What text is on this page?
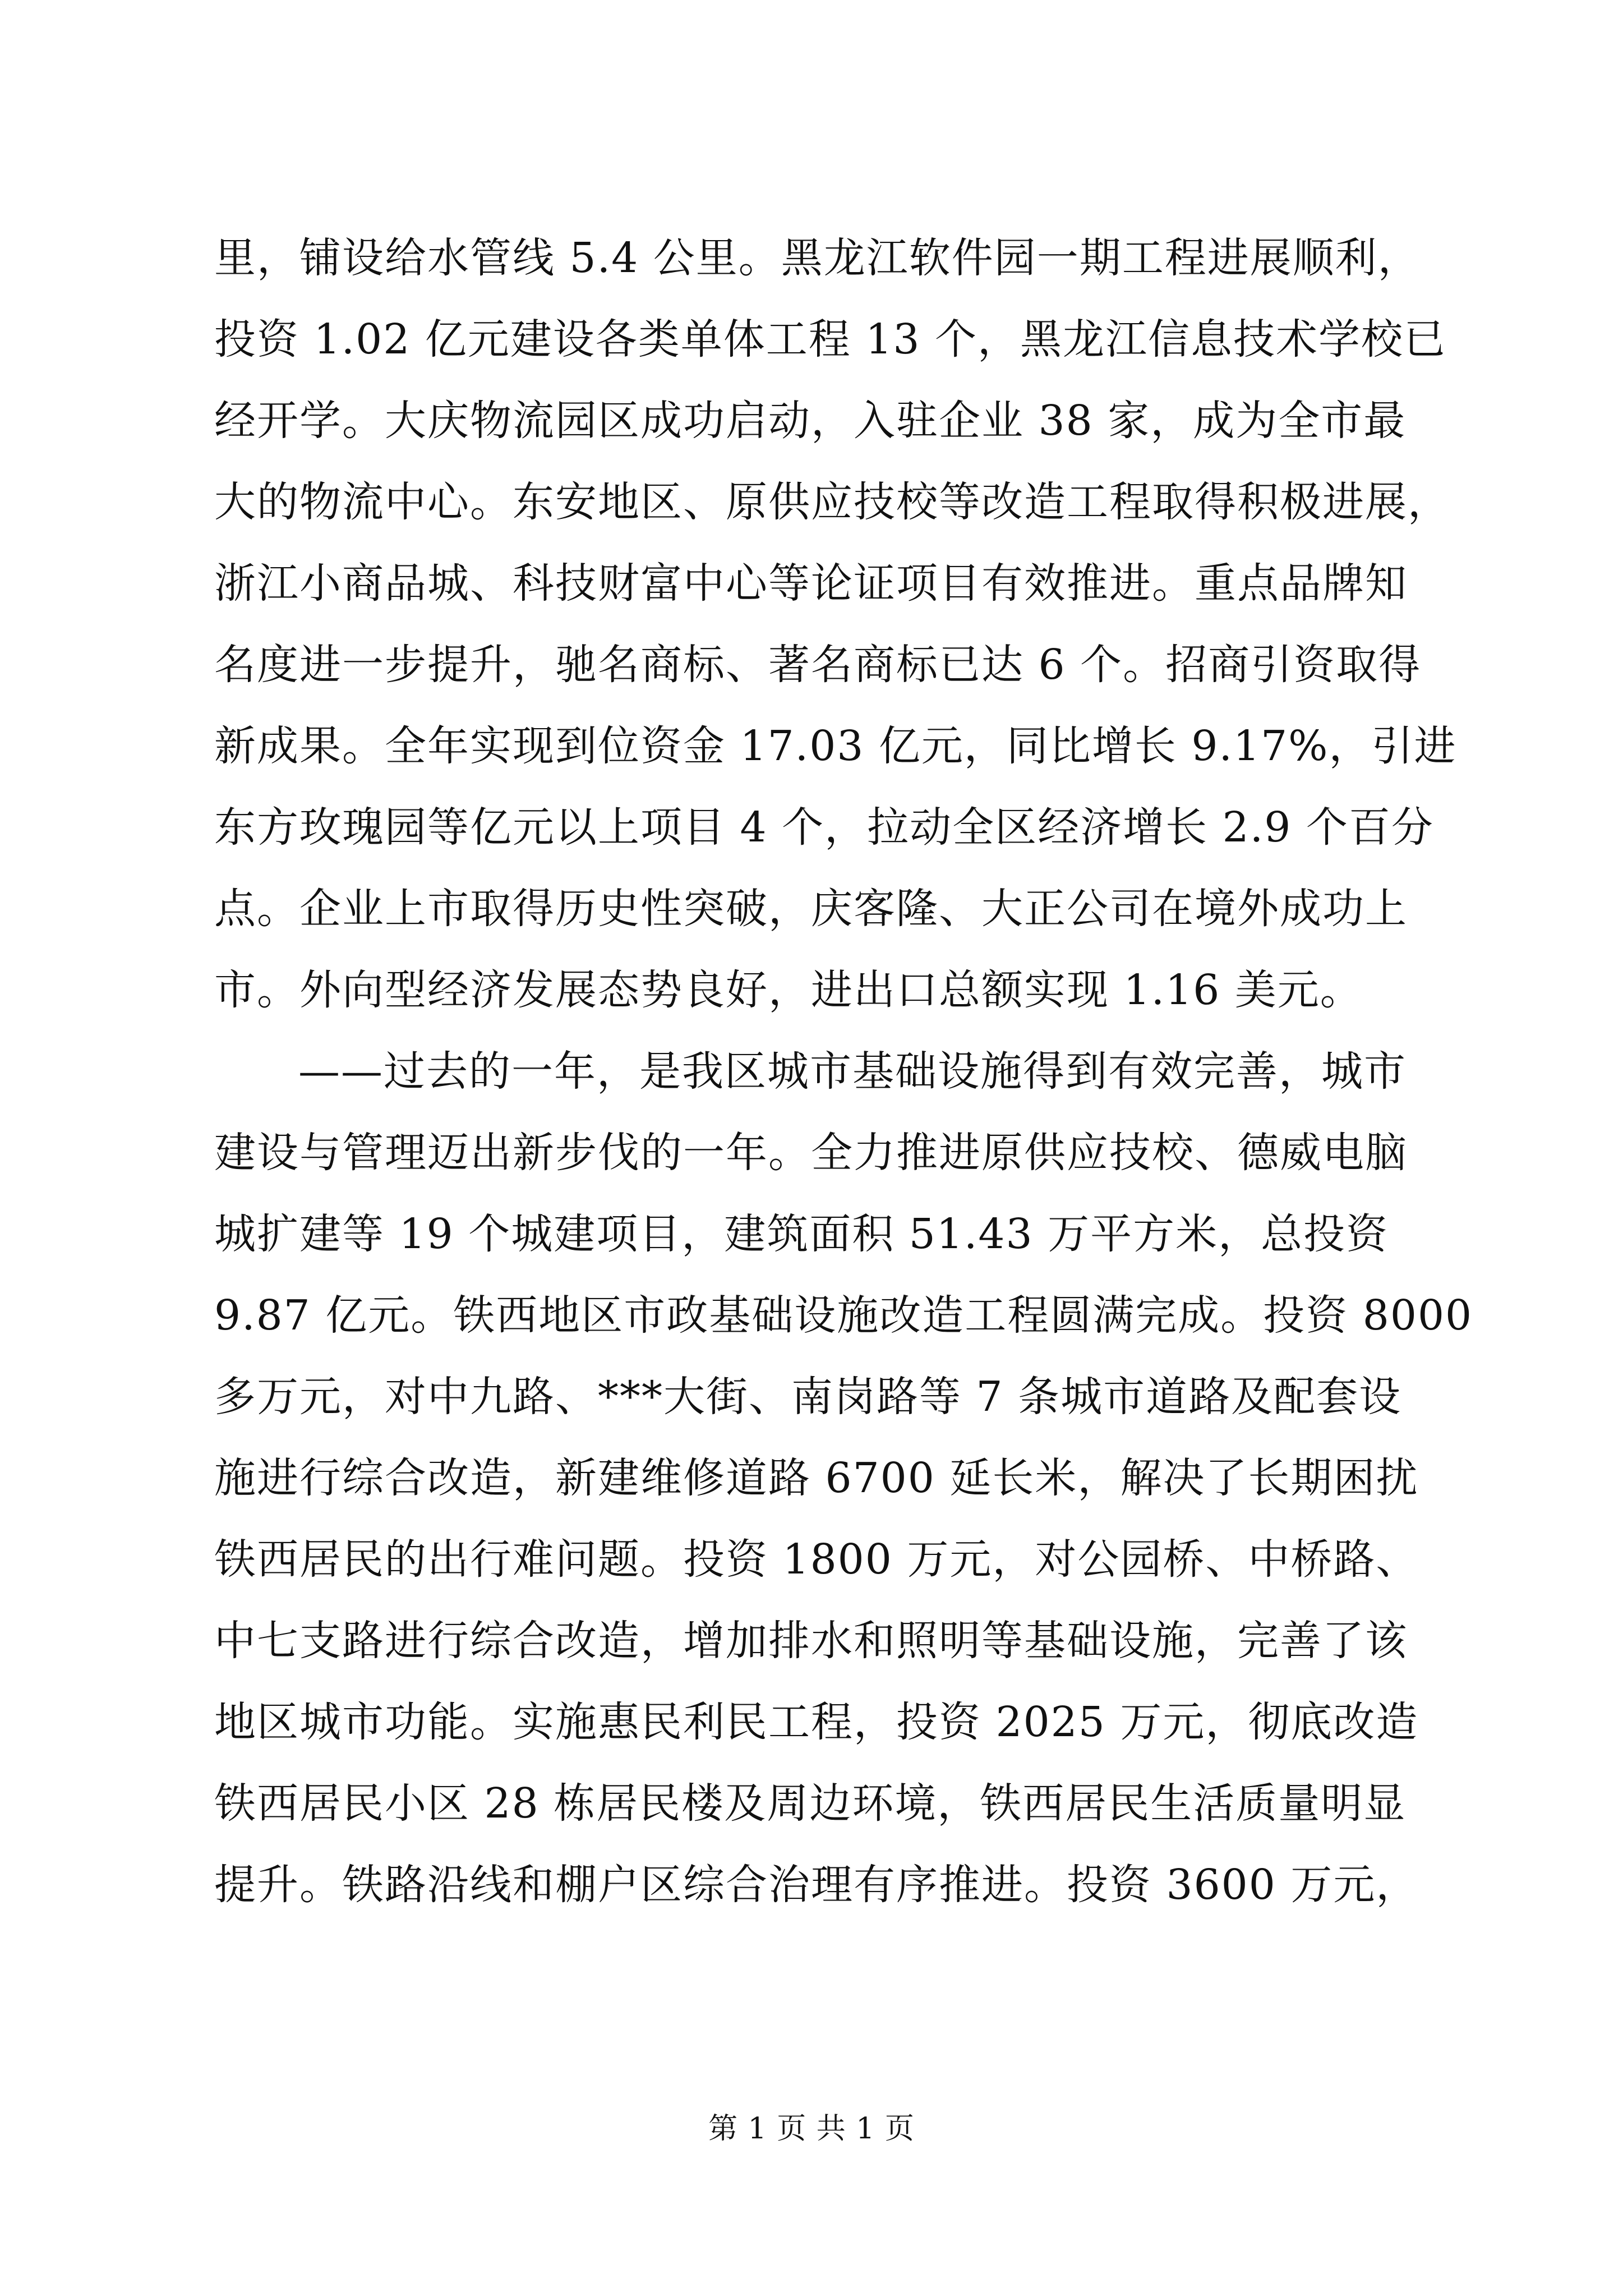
里，铺设给水管线 5.4 公里。黑龙江软件园一期工程进展顺利，
投资 1.02 亿元建设各类单体工程 13 个，黑龙江信息技术学校已
经开学。大庆物流园区成功启动，入驻企业 38 家，成为全市最
大的物流中心。东安地区、原供应技校等改造工程取得积极进展，
浙江小商品城、科技财富中心等论证项目有效推进。重点品牌知
名度进一步提升，驰名商标、著名商标已达 6 个。招商引资取得
新成果。全年实现到位资金 17.03 亿元，同比增长 9.17%，引进
东方玫瑰园等亿元以上项目 4 个，拉动全区经济增长 2.9 个百分
点。企业上市取得历史性突破，庆客隆、大正公司在境外成功上
市。外向型经济发展态势良好，进出口总额实现 1.16 美元。
——过去的一年，是我区城市基础设施得到有效完善，城市
建设与管理迈出新步伐的一年。全力推进原供应技校、德威电脑
城扩建等 19 个城建项目，建筑面积 51.43 万平方米，总投资
9.87 亿元。铁西地区市政基础设施改造工程圆满完成。投资 8000
多万元，对中九路、***大街、南岗路等 7 条城市道路及配套设
施进行综合改造，新建维修道路 6700 延长米，解决了长期困扰
铁西居民的出行难问题。投资 1800 万元，对公园桥、中桥路、
中七支路进行综合改造，增加排水和照明等基础设施，完善了该
地区城市功能。实施惠民利民工程，投资 2025 万元，彻底改造
铁西居民小区 28 栋居民楼及周边环境，铁西居民生活质量明显
提升。铁路沿线和棚户区综合治理有序推进。投资 3600 万元，
第 1 页 共 1 页
